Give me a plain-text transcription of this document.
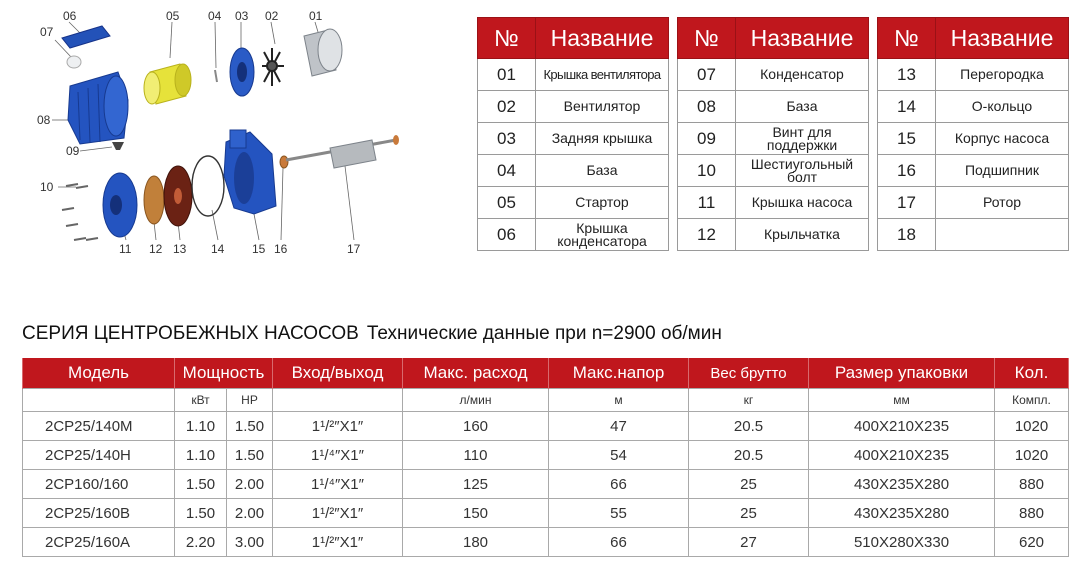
06	05 04 03 02	01
07
08
09
10
11 12 13 14 15 16	17
№	Название
01	Крышка вентилятора
02	Вентилятор
03	Задняя крышка
04	База
05	Стартор
06	Крышка конденсатора
№	Название
07	Конденсатор
08	База
09	Винт для поддержки
10	Шестиугольный болт
11	Крышка насоса
12	Крыльчатка
№	Название
13	Перегородка
14	О-кольцо
15	Корпус насоса
16	Подшипник
17	Ротор
18	
СЕРИЯ ЦЕНТРОБЕЖНЫХ НАСОСОВ Технические данные при n=2900 об/мин
Модель	Мощность		Вход/выход	Макс. расход	Макс.напор	Вес брутто	Размер упаковки	Кол.
	кВт	HP		л/мин	м	кг	мм	Компл.
2CP25/140M	1.10	1.50	1¹/²″X1″	160	47	20.5	400X210X235	1020
2CP25/140H	1.10	1.50	1¹/⁴″X1″	110	54	20.5	400X210X235	1020
2CP160/160	1.50	2.00	1¹/⁴″X1″	125	66	25	430X235X280	880
2CP25/160B	1.50	2.00	1¹/²″X1″	150	55	25	430X235X280	880
2CP25/160A	2.20	3.00	1¹/²″X1″	180	66	27	510X280X330	620
